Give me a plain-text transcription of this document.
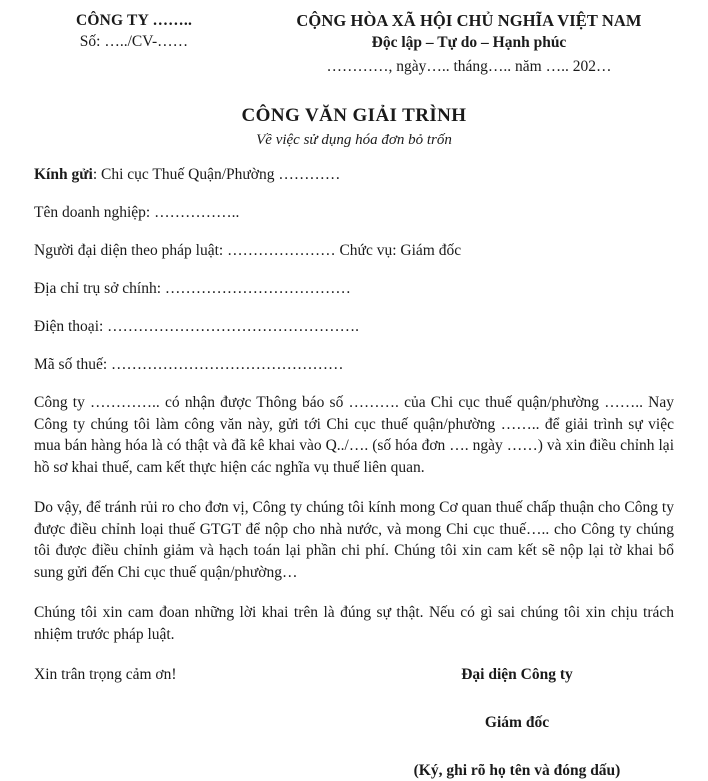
CÔNG TY ……..
Số: …../CV-……
CỘNG HÒA XÃ HỘI CHỦ NGHĨA VIỆT NAM
Độc lập – Tự do – Hạnh phúc
…………, ngày….. tháng….. năm ….. 202…
CÔNG VĂN GIẢI TRÌNH
Về việc sử dụng hóa đơn bỏ trốn
Kính gửi: Chi cục Thuế Quận/Phường …………
Tên doanh nghiệp: ……………..
Người đại diện theo pháp luật: ………………… Chức vụ: Giám đốc
Địa chỉ trụ sở chính: ………………………………
Điện thoại: ………………………………………….
Mã số thuế: ………………………………………

Công ty ………….. có nhận được Thông báo số ………. của Chi cục thuế quận/phường …….. Nay Công ty chúng tôi làm công văn này, gửi tới Chi cục thuế quận/phường …….. để giải trình sự việc mua bán hàng hóa là có thật và đã kê khai vào Q../…. (số hóa đơn …. ngày ……) và xin điều chỉnh lại hồ sơ khai thuế, cam kết thực hiện các nghĩa vụ thuế liên quan.

Do vậy, để tránh rủi ro cho đơn vị, Công ty chúng tôi kính mong Cơ quan thuế chấp thuận cho Công ty được điều chỉnh loại thuế GTGT để nộp cho nhà nước, và mong Chi cục thuế….. cho Công ty chúng tôi được điều chỉnh giảm và hạch toán lại phần chi phí. Chúng tôi xin cam kết sẽ nộp lại tờ khai bổ sung gửi đến Chi cục thuế quận/phường…

Chúng tôi xin cam đoan những lời khai trên là đúng sự thật. Nếu có gì sai chúng tôi xin chịu trách nhiệm trước pháp luật.

Xin trân trọng cảm ơn!	Đại diện Công ty
Giám đốc
(Ký, ghi rõ họ tên và đóng dấu)
